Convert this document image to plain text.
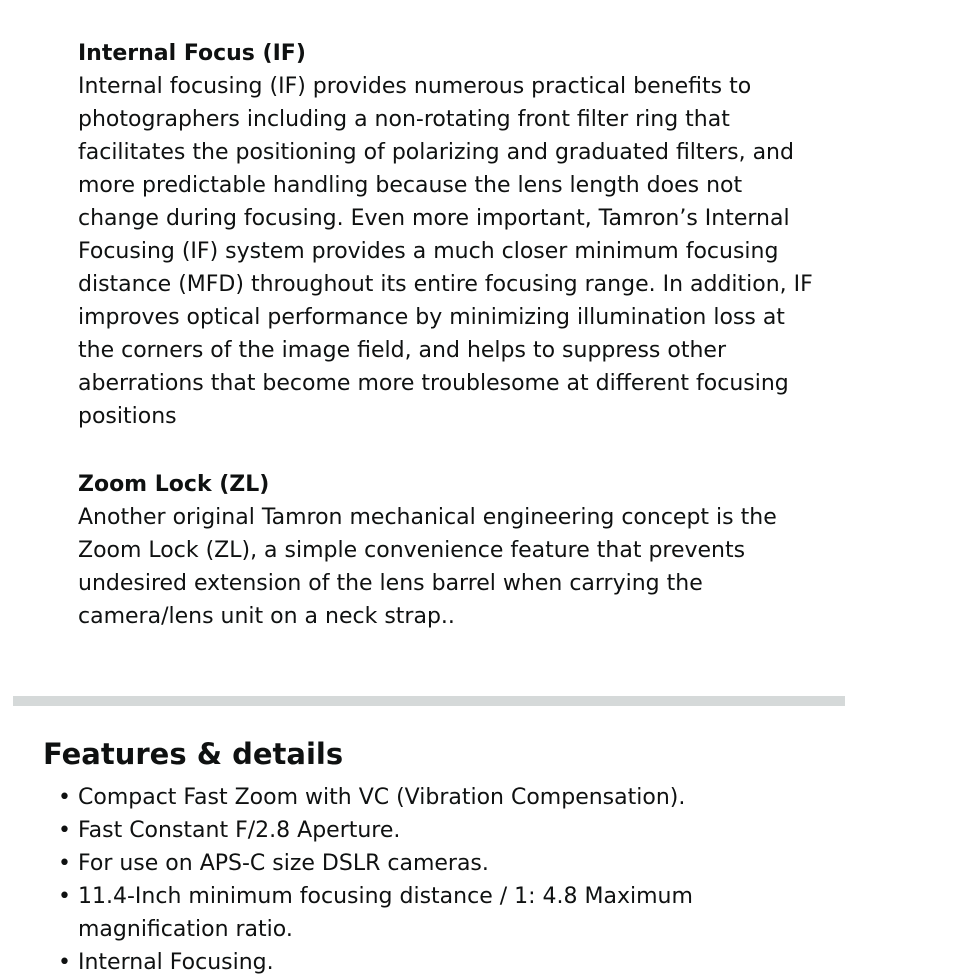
Internal Focus (IF)

Internal focusing (IF) provides numerous practical benefits to photographers including a non-rotating front filter ring that facilitates the positioning of polarizing and graduated filters, and more predictable handling because the lens length does not change during focusing. Even more important, Tamron’s Internal Focusing (IF) system provides a much closer minimum focusing distance (MFD) throughout its entire focusing range. In addition, IF improves optical performance by minimizing illumination loss at the corners of the image field, and helps to suppress other aberrations that become more troublesome at different focusing positions

Zoom Lock (ZL)

Another original Tamron mechanical engineering concept is the Zoom Lock (ZL), a simple convenience feature that prevents undesired extension of the lens barrel when carrying the camera/lens unit on a neck strap..

Features & details
• Compact Fast Zoom with VC (Vibration Compensation).
• Fast Constant F/2.8 Aperture.
• For use on APS-C size DSLR cameras.
• 11.4-Inch minimum focusing distance / 1: 4.8 Maximum magnification ratio.
• Internal Focusing.
